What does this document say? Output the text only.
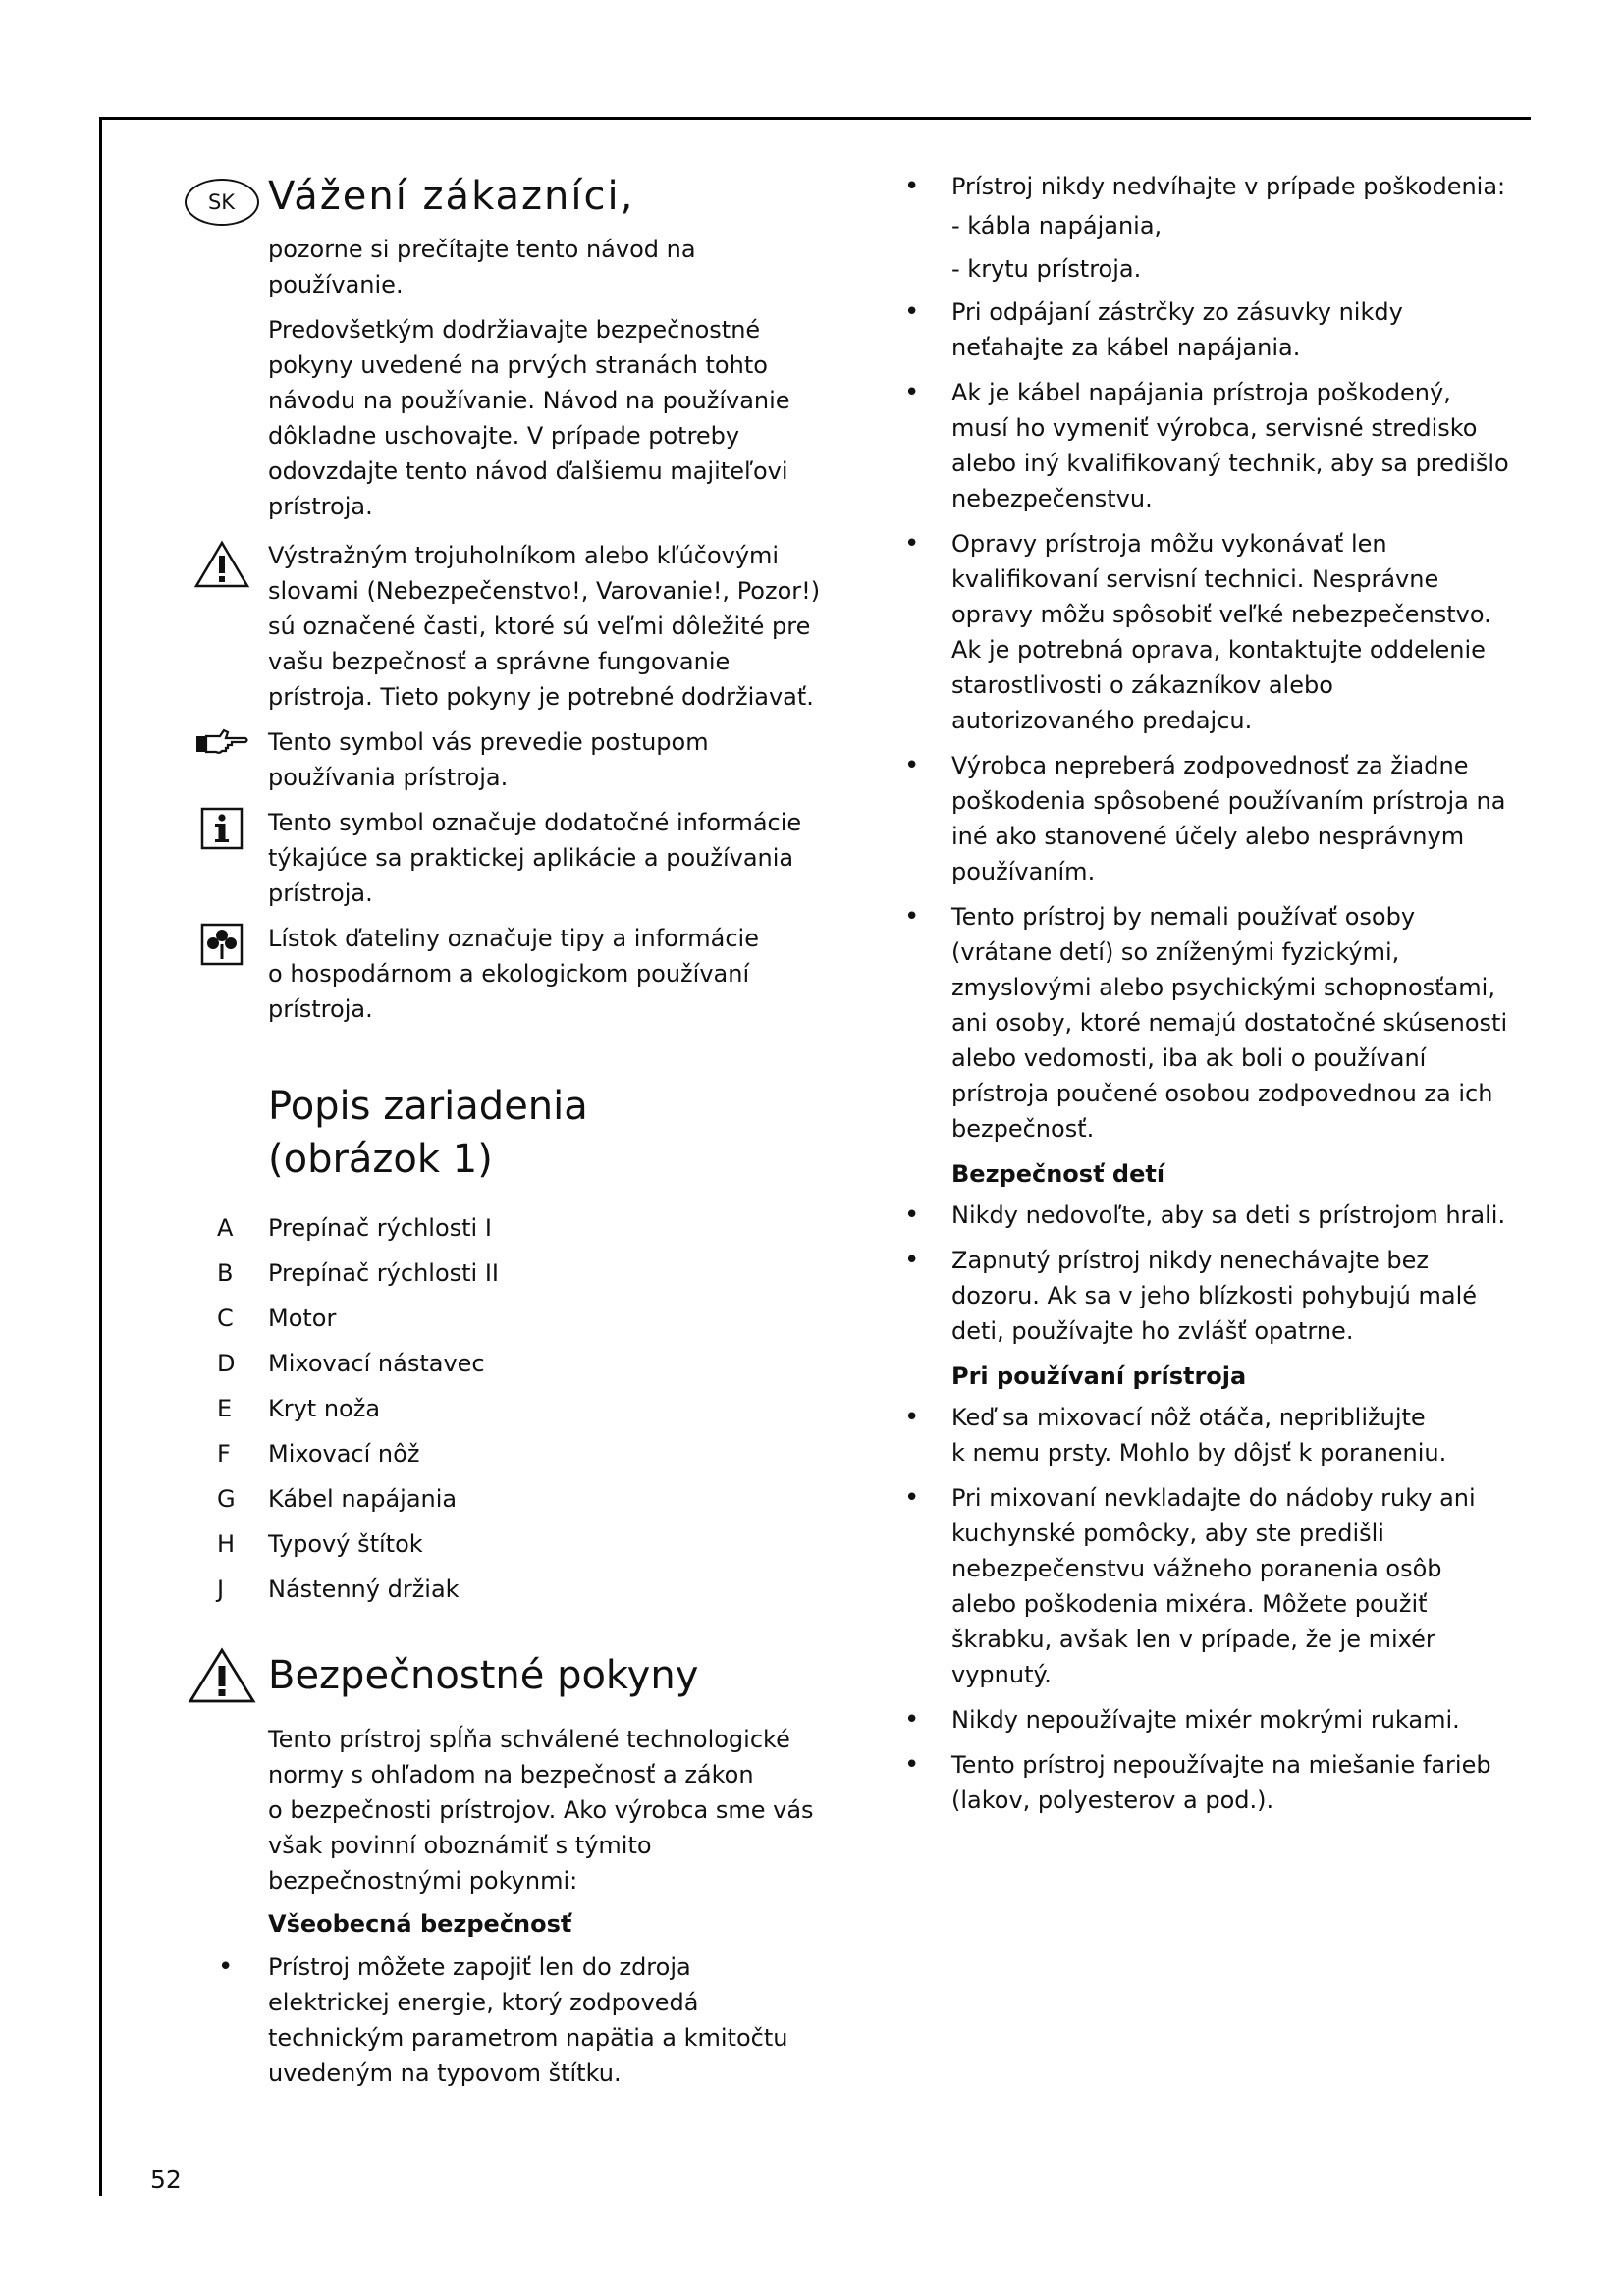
SK Vážení zákazníci,
pozorne si prečítajte tento návod na
používanie.
Predovšetkým dodržiavajte bezpečnostné
pokyny uvedené na prvých stranách tohto
návodu na používanie. Návod na používanie
dôkladne uschovajte. V prípade potreby
odovzdajte tento návod ďalšiemu majiteľovi
prístroja.
Výstražným trojuholníkom alebo kľúčovými
slovami (Nebezpečenstvo!, Varovanie!, Pozor!)
sú označené časti, ktoré sú veľmi dôležité pre
vašu bezpečnosť a správne fungovanie
prístroja. Tieto pokyny je potrebné dodržiavať.
Tento symbol vás prevedie postupom
používania prístroja.
Tento symbol označuje dodatočné informácie
týkajúce sa praktickej aplikácie a používania
prístroja.
Lístok ďateliny označuje tipy a informácie
o hospodárnom a ekologickom používaní
prístroja.
Popis zariadenia
(obrázok 1)
A	Prepínač rýchlosti I
B	Prepínač rýchlosti II
C	Motor
D	Mixovací nástavec
E	Kryt noža
F	Mixovací nôž
G	Kábel napájania
H	Typový štítok
J	Nástenný držiak
Bezpečnostné pokyny
Tento prístroj spĺňa schválené technologické
normy s ohľadom na bezpečnosť a zákon
o bezpečnosti prístrojov. Ako výrobca sme vás
však povinní oboznámiť s týmito
bezpečnostnými pokynmi:
Všeobecná bezpečnosť
•	Prístroj môžete zapojiť len do zdroja
elektrickej energie, ktorý zodpovedá
technickým parametrom napätia a kmitočtu
uvedeným na typovom štítku.
•	Prístroj nikdy nedvíhajte v prípade poškodenia:
- kábla napájania,
- krytu prístroja.
•	Pri odpájaní zástrčky zo zásuvky nikdy
neťahajte za kábel napájania.
•	Ak je kábel napájania prístroja poškodený,
musí ho vymeniť výrobca, servisné stredisko
alebo iný kvalifikovaný technik, aby sa predišlo
nebezpečenstvu.
•	Opravy prístroja môžu vykonávať len
kvalifikovaní servisní technici. Nesprávne
opravy môžu spôsobiť veľké nebezpečenstvo.
Ak je potrebná oprava, kontaktujte oddelenie
starostlivosti o zákazníkov alebo
autorizovaného predajcu.
•	Výrobca nepreberá zodpovednosť za žiadne
poškodenia spôsobené používaním prístroja na
iné ako stanovené účely alebo nesprávnym
používaním.
•	Tento prístroj by nemali používať osoby
(vrátane detí) so zníženými fyzickými,
zmyslovými alebo psychickými schopnosťami,
ani osoby, ktoré nemajú dostatočné skúsenosti
alebo vedomosti, iba ak boli o používaní
prístroja poučené osobou zodpovednou za ich
bezpečnosť.
Bezpečnosť detí
•	Nikdy nedovoľte, aby sa deti s prístrojom hrali.
•	Zapnutý prístroj nikdy nenechávajte bez
dozoru. Ak sa v jeho blízkosti pohybujú malé
deti, používajte ho zvlášť opatrne.
Pri používaní prístroja
•	Keď sa mixovací nôž otáča, nepribližujte
k nemu prsty. Mohlo by dôjsť k poraneniu.
•	Pri mixovaní nevkladajte do nádoby ruky ani
kuchynské pomôcky, aby ste predišli
nebezpečenstvu vážneho poranenia osôb
alebo poškodenia mixéra. Môžete použiť
škrabku, avšak len v prípade, že je mixér
vypnutý.
•	Nikdy nepoužívajte mixér mokrými rukami.
•	Tento prístroj nepoužívajte na miešanie farieb
(lakov, polyesterov a pod.).
52
